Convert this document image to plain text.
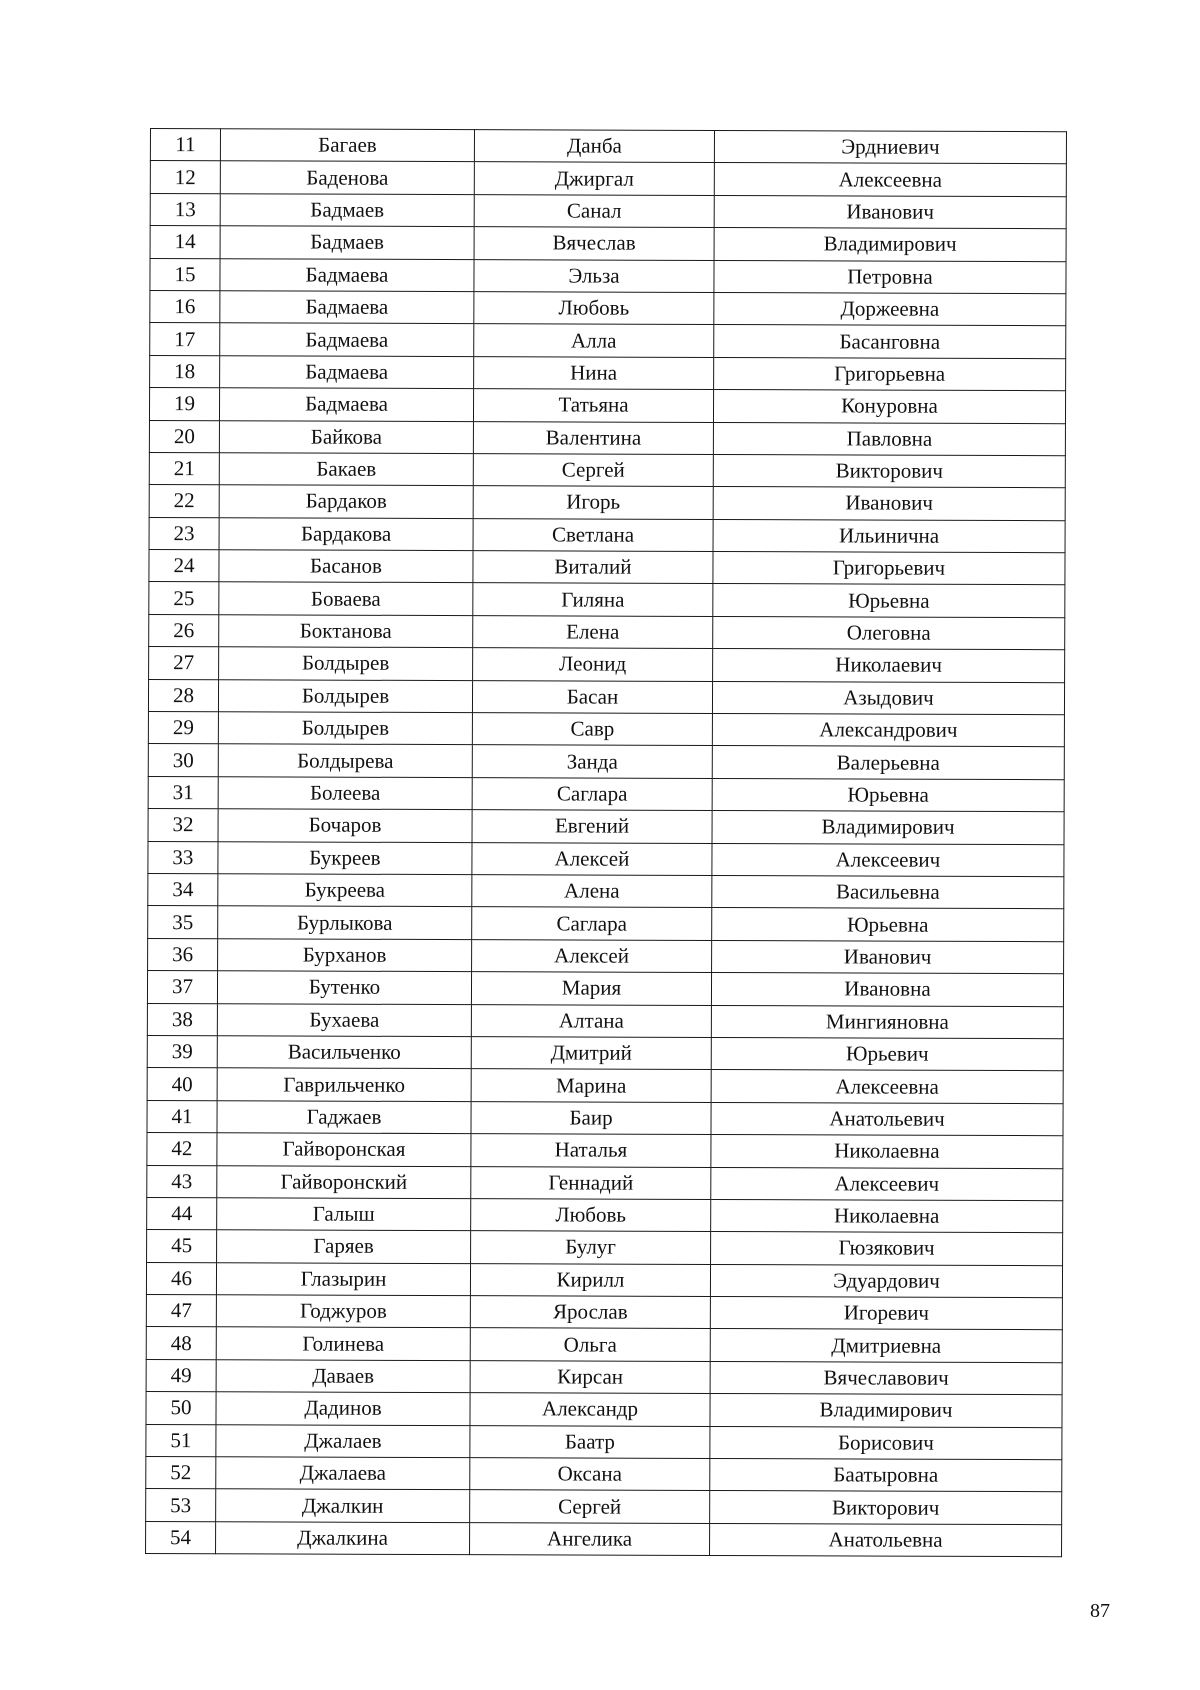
11	Багаев	Данба	Эрдниевич
12	Баденова	Джиргал	Алексеевна
13	Бадмаев	Санал	Иванович
14	Бадмаев	Вячеслав	Владимирович
15	Бадмаева	Эльза	Петровна
16	Бадмаева	Любовь	Доржеевна
17	Бадмаева	Алла	Басанговна
18	Бадмаева	Нина	Григорьевна
19	Бадмаева	Татьяна	Конуровна
20	Байкова	Валентина	Павловна
21	Бакаев	Сергей	Викторович
22	Бардаков	Игорь	Иванович
23	Бардакова	Светлана	Ильинична
24	Басанов	Виталий	Григорьевич
25	Боваева	Гиляна	Юрьевна
26	Боктанова	Елена	Олеговна
27	Болдырев	Леонид	Николаевич
28	Болдырев	Басан	Азыдович
29	Болдырев	Савр	Александрович
30	Болдырева	Занда	Валерьевна
31	Болеева	Саглара	Юрьевна
32	Бочаров	Евгений	Владимирович
33	Букреев	Алексей	Алексеевич
34	Букреева	Алена	Васильевна
35	Бурлыкова	Саглара	Юрьевна
36	Бурханов	Алексей	Иванович
37	Бутенко	Мария	Ивановна
38	Бухаева	Алтана	Мингияновна
39	Васильченко	Дмитрий	Юрьевич
40	Гаврильченко	Марина	Алексеевна
41	Гаджаев	Баир	Анатольевич
42	Гайворонская	Наталья	Николаевна
43	Гайворонский	Геннадий	Алексеевич
44	Галыш	Любовь	Николаевна
45	Гаряев	Булуг	Гюзякович
46	Глазырин	Кирилл	Эдуардович
47	Годжуров	Ярослав	Игоревич
48	Голинева	Ольга	Дмитриевна
49	Даваев	Кирсан	Вячеславович
50	Дадинов	Александр	Владимирович
51	Джалаев	Баатр	Борисович
52	Джалаева	Оксана	Баатыровна
53	Джалкин	Сергей	Викторович
54	Джалкина	Ангелика	Анатольевна
87
